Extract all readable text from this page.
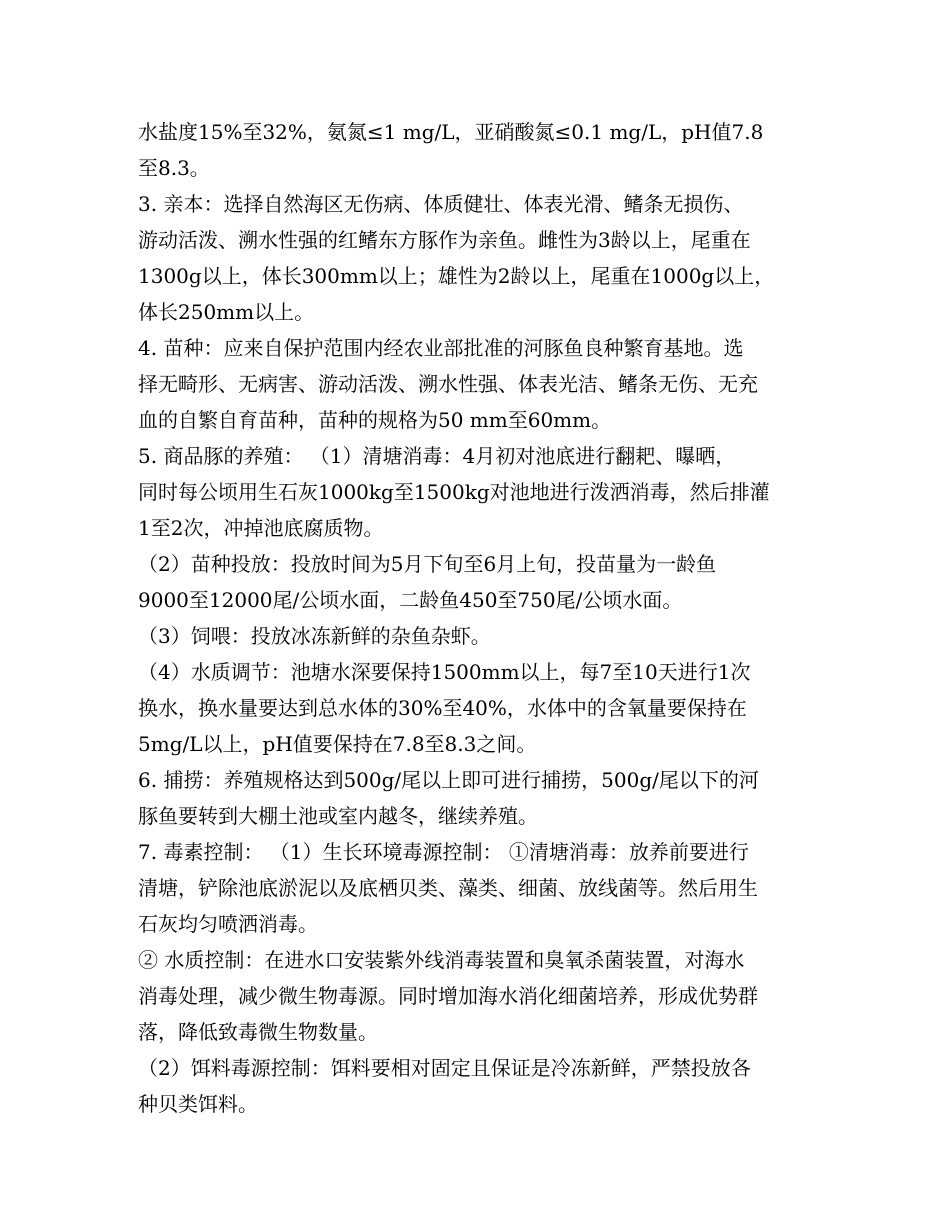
水盐度15%至32%，氨氮≤1 mg/L，亚硝酸氮≤0.1 mg/L，pH值7.8
至8.3。
3. 亲本：选择自然海区无伤病、体质健壮、体表光滑、鳍条无损伤、
游动活泼、溯水性强的红鳍东方豚作为亲鱼。雌性为3龄以上，尾重在
1300g以上，体长300mm以上；雄性为2龄以上，尾重在1000g以上，
体长250mm以上。
4. 苗种：应来自保护范围内经农业部批准的河豚鱼良种繁育基地。选
择无畸形、无病害、游动活泼、溯水性强、体表光洁、鳍条无伤、无充
血的自繁自育苗种，苗种的规格为50 mm至60mm。
5. 商品豚的养殖： （1）清塘消毒：4月初对池底进行翻耙、曝晒，
同时每公顷用生石灰1000kg至1500kg对池地进行泼洒消毒，然后排灌
1至2次，冲掉池底腐质物。
（2）苗种投放：投放时间为5月下旬至6月上旬，投苗量为一龄鱼
9000至12000尾/公顷水面，二龄鱼450至750尾/公顷水面。
（3）饲喂：投放冰冻新鲜的杂鱼杂虾。
（4）水质调节：池塘水深要保持1500mm以上，每7至10天进行1次
换水，换水量要达到总水体的30%至40%，水体中的含氧量要保持在
5mg/L以上，pH值要保持在7.8至8.3之间。
6. 捕捞：养殖规格达到500g/尾以上即可进行捕捞，500g/尾以下的河
豚鱼要转到大棚土池或室内越冬，继续养殖。
7. 毒素控制： （1）生长环境毒源控制： ①清塘消毒：放养前要进行
清塘，铲除池底淤泥以及底栖贝类、藻类、细菌、放线菌等。然后用生
石灰均匀喷洒消毒。
② 水质控制：在进水口安装紫外线消毒装置和臭氧杀菌装置，对海水
消毒处理，减少微生物毒源。同时增加海水消化细菌培养，形成优势群
落，降低致毒微生物数量。
（2）饵料毒源控制：饵料要相对固定且保证是冷冻新鲜，严禁投放各
种贝类饵料。
